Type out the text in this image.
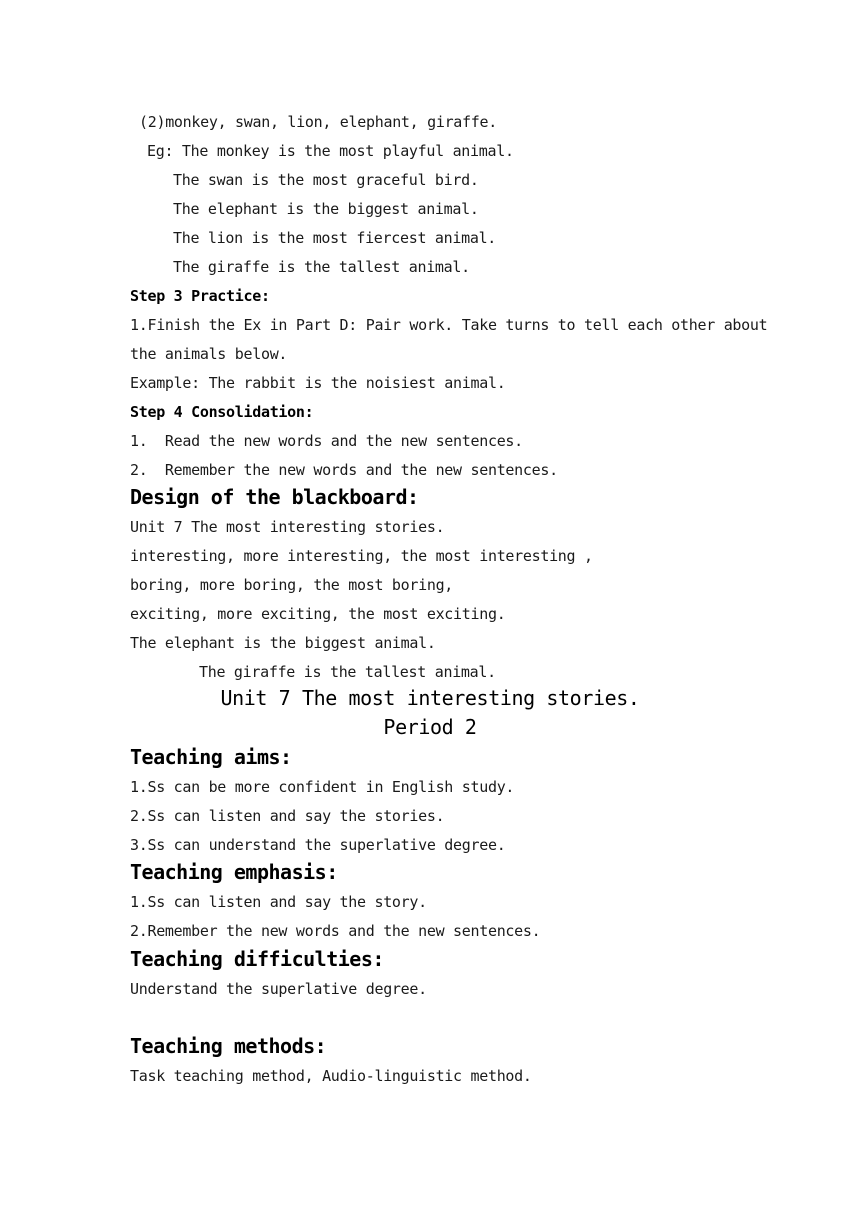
(2)monkey, swan, lion, elephant, giraffe.
Eg: The monkey is the most playful animal.
The swan is the most graceful bird.
The elephant is the biggest animal.
The lion is the most fiercest animal.
The giraffe is the tallest animal.
Step 3 Practice:
1.Finish the Ex in Part D: Pair work. Take turns to tell each other about
the animals below.
Example: The rabbit is the noisiest animal.
Step 4 Consolidation:
1.  Read the new words and the new sentences.
2.  Remember the new words and the new sentences.
Design of the blackboard:
Unit 7 The most interesting stories.
interesting, more interesting, the most interesting ,
boring, more boring, the most boring,
exciting, more exciting, the most exciting.
The elephant is the biggest animal.
The giraffe is the tallest animal.
Unit 7 The most interesting stories.
Period 2
Teaching aims:
1.Ss can be more confident in English study.
2.Ss can listen and say the stories.
3.Ss can understand the superlative degree.
Teaching emphasis:
1.Ss can listen and say the story.
2.Remember the new words and the new sentences.
Teaching difficulties:
Understand the superlative degree.
Teaching methods:
Task teaching method, Audio-linguistic method.
